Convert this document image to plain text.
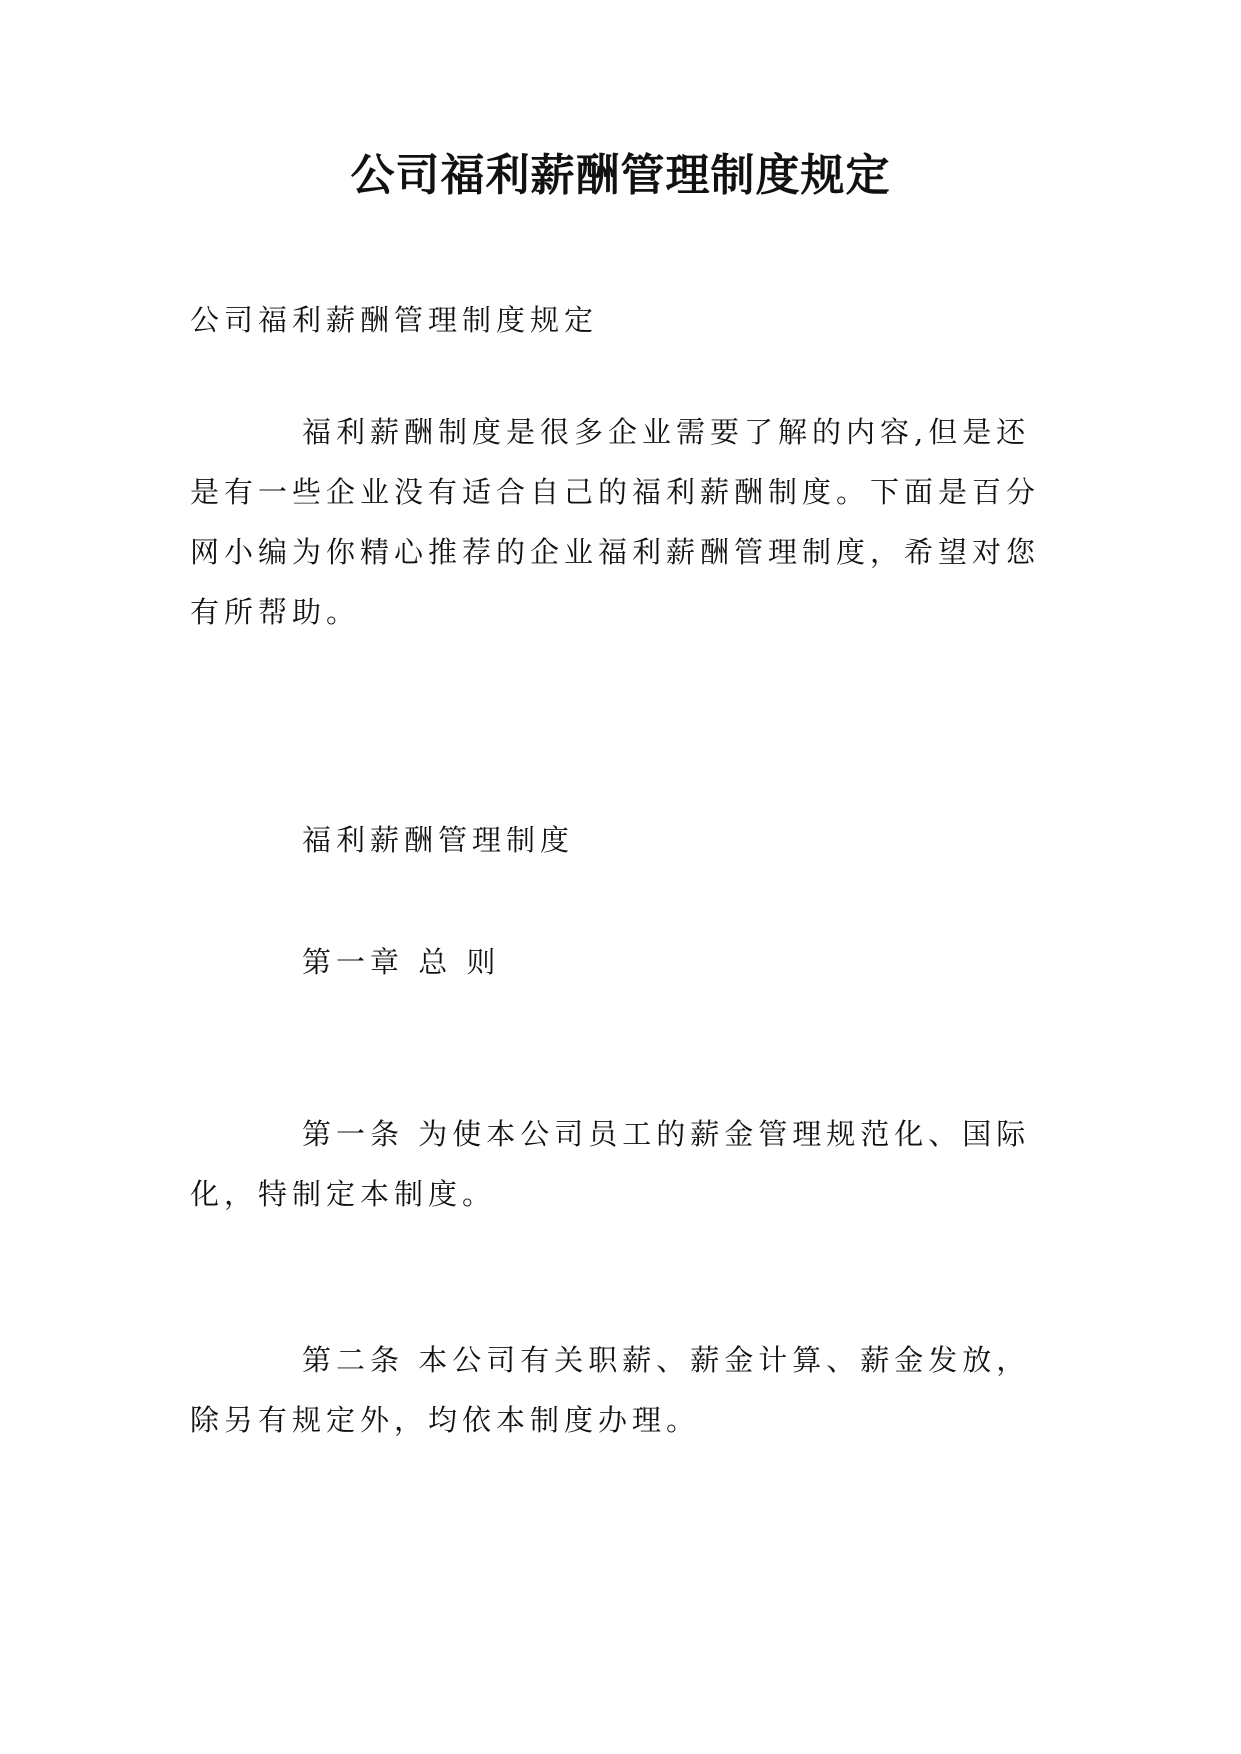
公司福利薪酬管理制度规定
公司福利薪酬管理制度规定
福利薪酬制度是很多企业需要了解的内容,但是还是有一些企业没有适合自己的福利薪酬制度。下面是百分网小编为你精心推荐的企业福利薪酬管理制度，希望对您有所帮助。
福利薪酬管理制度
第一章 总 则
第一条 为使本公司员工的薪金管理规范化、国际化，特制定本制度。
第二条 本公司有关职薪、薪金计算、薪金发放，除另有规定外，均依本制度办理。
